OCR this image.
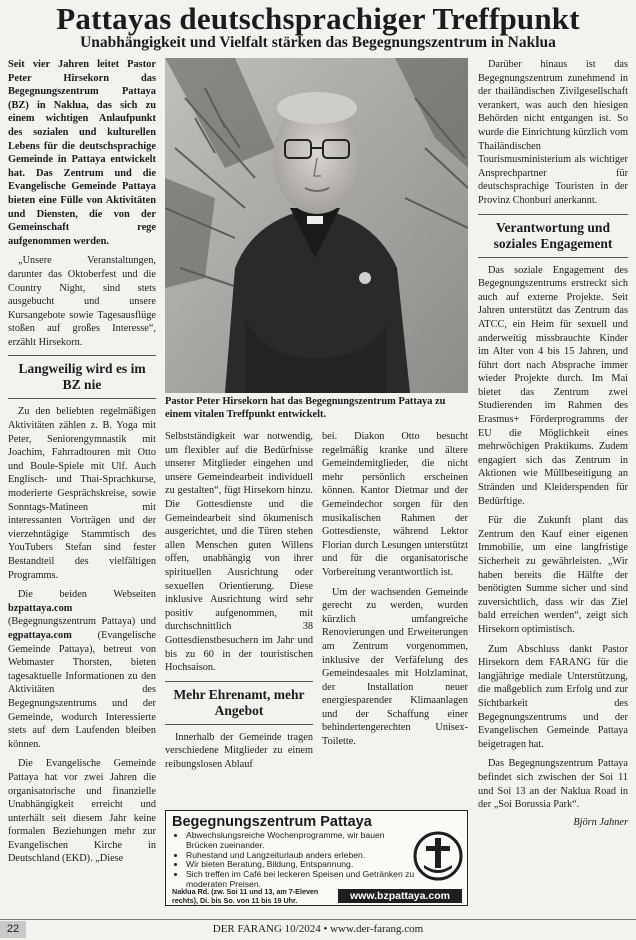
Pattayas deutschsprachiger Treffpunkt
Unabhängigkeit und Vielfalt stärken das Begegnungszentrum in Naklua

Seit vier Jahren leitet Pastor Peter Hirsekorn das Begegnungszentrum Pattaya (BZ) in Naklua, das sich zu einem wichtigen Anlaufpunkt des sozialen und kulturellen Lebens für die deutschsprachige Gemeinde in Pattaya entwickelt hat. Das Zentrum und die Evangelische Gemeinde Pattaya bieten eine Fülle von Aktivitäten und Diensten, die von der Gemeinschaft rege aufgenommen werden.

„Unsere Veranstaltungen, darunter das Oktoberfest und die Country Night, sind stets ausgebucht und unsere Kursangebote sowie Tagesausflüge stoßen auf großes Interesse“, erzählt Hirsekorn.

Langweilig wird es im BZ nie

Zu den beliebten regelmäßigen Aktivitäten zählen z. B. Yoga mit Peter, Seniorengymnastik mit Joachim, Fahrradtouren mit Otto und Boule-Spiele mit Ulf. Auch Englisch- und Thai-Sprachkurse, moderierte Gesprächskreise, sowie Sonntags-Matineen mit interessanten Vorträgen und der vierzehntägige Stammtisch des YouTubers Stefan sind fester Bestandteil des vielfältigen Programms.

Die beiden Webseiten bzpattaya.com (Begegnungszentrum Pattaya) und egpattaya.com (Evangelische Gemeinde Pattaya), betreut von Webmaster Thorsten, bieten tagesaktuelle Informationen zu den Aktivitäten des Begegnungszentrums und der Gemeinde, wodurch Interessierte stets auf dem Laufenden bleiben können.

Die Evangelische Gemeinde Pattaya hat vor zwei Jahren die organisatorische und finanzielle Unabhängigkeit erreicht und unterhält seit diesem Jahr keine formalen Beziehungen mehr zur Evangelischen Kirche in Deutschland (EKD). „Diese

Pastor Peter Hirsekorn hat das Begegnungszentrum Pattaya zu einem vitalen Treffpunkt entwickelt.

Selbstständigkeit war notwendig, um flexibler auf die Bedürfnisse unserer Mitglieder eingehen und unsere Gemeindearbeit individuell zu gestalten“, fügt Hirsekorn hinzu. Die Gottesdienste und die Gemeindearbeit sind ökumenisch ausgerichtet, und die Türen stehen allen Menschen guten Willens offen, unabhängig von ihrer spirituellen Ausrichtung oder sexuellen Orientierung. Diese inklusive Ausrichtung wird sehr positiv aufgenommen, mit durchschnittlich 38 Gottesdienstbesuchern im Jahr und bis zu 60 in der touristischen Hochsaison.

Mehr Ehrenamt, mehr Angebot

Innerhalb der Gemeinde tragen verschiedene Mitglieder zu einem reibungslosen Ablauf

bei. Diakon Otto besucht regelmäßig kranke und ältere Gemeindemitglieder, die nicht mehr persönlich erscheinen können. Kantor Dietmar und der Gemeindechor sorgen für den musikalischen Rahmen der Gottesdienste, während Lektor Florian durch Lesungen unterstützt und für die organisatorische Vorbereitung verantwortlich ist.

Um der wachsenden Gemeinde gerecht zu werden, wurden kürzlich umfangreiche Renovierungen und Erweiterungen am Zentrum vorgenommen, inklusive der Verfäfelung des Gemeindesaales mit Holzlaminat, der Installation neuer energiesparender Klimaanlagen und der Schaffung einer behindertengerechten Unisex-Toilette.

Begegnungszentrum Pattaya
• Abwechslungsreiche Wochenprogramme, wir bauen Brücken zueinander.
• Ruhestand und Langzeiturlaub anders erleben.
• Wir bieten Beratung, Bildung, Entspannung.
• Sich treffen im Café bei leckeren Speisen und Getränken zu moderaten Preisen.
Naklua Rd. (zw. Soi 11 und 13, am 7-Eleven rechts), Di. bis So. von 11 bis 19 Uhr.	www.bzpattaya.com

Darüber hinaus ist das Begegnungszentrum zunehmend in der thailändischen Zivilgesellschaft verankert, was auch den hiesigen Behörden nicht entgangen ist. So wurde die Einrichtung kürzlich vom Thailändischen Tourismusministerium als wichtiger Ansprechpartner für deutschsprachige Touristen in der Provinz Chonburi anerkannt.

Verantwortung und soziales Engagement

Das soziale Engagement des Begegnungszentrums erstreckt sich auch auf externe Projekte. Seit Jahren unterstützt das Zentrum das ATCC, ein Heim für sexuell und anderweitig missbrauchte Kinder im Alter von 4 bis 15 Jahren, und führt dort nach Absprache immer wieder Projekte durch. Im Mai bietet das Zentrum zwei Studierenden im Rahmen des Erasmus+ Förderprogramms der EU die Möglichkeit eines mehrwöchigen Praktikums. Zudem engagiert sich das Zentrum in Aktionen wie Müllbeseitigung an Stränden und Kleiderspenden für Bedürftige.

Für die Zukunft plant das Zentrum den Kauf einer eigenen Immobilie, um eine langfristige Sicherheit zu gewährleisten. „Wir haben bereits die Hälfte der benötigten Summe sicher und sind zuversichtlich, dass wir das Ziel bald erreichen werden“, zeigt sich Hirsekorn optimistisch.

Zum Abschluss dankt Pastor Hirsekorn dem FARANG für die langjährige mediale Unterstützung, die maßgeblich zum Erfolg und zur Sichtbarkeit des Begegnungszentrums und der Evangelischen Gemeinde Pattaya beigetragen hat.

Das Begegnungszentrum Pattaya befindet sich zwischen der Soi 11 und Soi 13 an der Naklua Road in der „Soi Borussia Park“.

Björn Jahner
DER FARANG 10/2024 • www.der-farang.com
22
